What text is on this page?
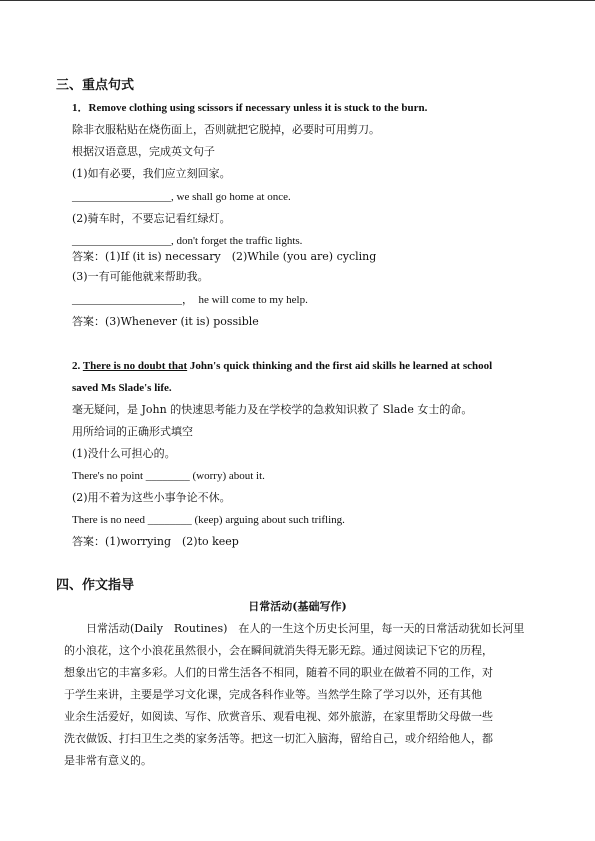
三、重点句式
1．Remove clothing using scissors if necessary unless it is stuck to the burn.
除非衣服粘贴在烧伤面上，否则就把它脱掉，必要时可用剪刀。
根据汉语意思，完成英文句子
(1)如有必要，我们应立刻回家。
__________________, we shall go home at once.
(2)骑车时，不要忘记看红绿灯。
__________________, don't forget the traffic lights.
答案：(1)If (it is) necessary　(2)While (you are) cycling
(3)一有可能他就来帮助我。
____________________，　he will come to my help.
答案：(3)Whenever (it is) possible
2. There is no doubt that John's quick thinking and the first aid skills he learned at school
saved Ms Slade's life.
毫无疑问，是 John 的快速思考能力及在学校学的急救知识救了 Slade 女士的命。
用所给词的正确形式填空
(1)没什么可担心的。
There's no point ________ (worry) about it.
(2)用不着为这些小事争论不休。
There is no need ________ (keep) arguing about such trifling.
答案：(1)worrying　(2)to keep
四、作文指导
日常活动(基础写作)
　　日常活动(Daily　Routines)　在人的一生这个历史长河里，每一天的日常活动犹如长河里
的小浪花，这个小浪花虽然很小，会在瞬间就消失得无影无踪。通过阅读记下它的历程，
想象出它的丰富多彩。人们的日常生活各不相同，随着不同的职业在做着不同的工作，对
于学生来讲，主要是学习文化课，完成各科作业等。当然学生除了学习以外，还有其他
业余生活爱好，如阅读、写作、欣赏音乐、观看电视、郊外旅游，在家里帮助父母做一些
洗衣做饭、打扫卫生之类的家务活等。把这一切汇入脑海，留给自己，或介绍给他人，都
是非常有意义的。
